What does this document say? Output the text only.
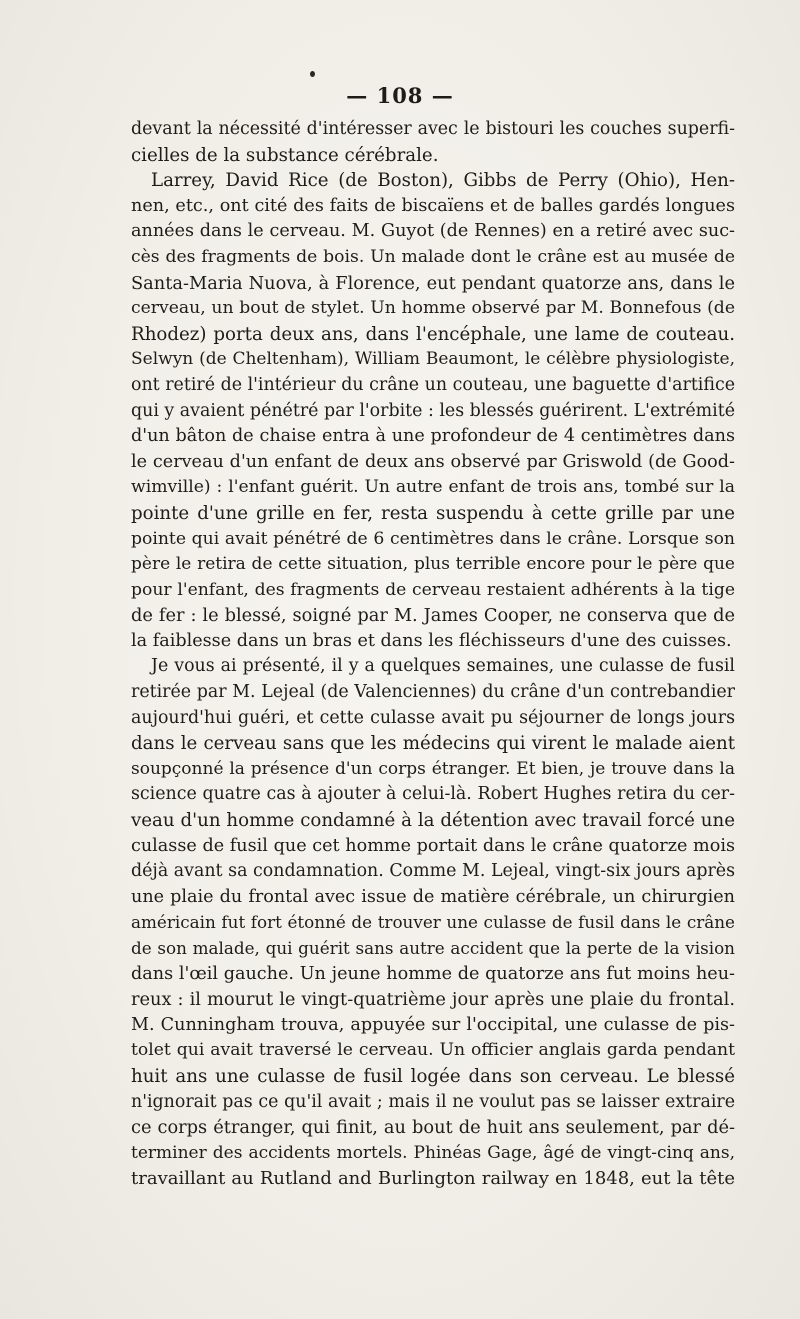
— 108 —
devant la nécessité d'intéresser avec le bistouri les couches superfi-
cielles de la substance cérébrale.
Larrey, David Rice (de Boston), Gibbs de Perry (Ohio), Hen-
nen, etc., ont cité des faits de biscaïens et de balles gardés longues
années dans le cerveau. M. Guyot (de Rennes) en a retiré avec suc-
cès des fragments de bois. Un malade dont le crâne est au musée de
Santa-Maria Nuova, à Florence, eut pendant quatorze ans, dans le
cerveau, un bout de stylet. Un homme observé par M. Bonnefous (de
Rhodez) porta deux ans, dans l'encéphale, une lame de couteau.
Selwyn (de Cheltenham), William Beaumont, le célèbre physiologiste,
ont retiré de l'intérieur du crâne un couteau, une baguette d'artifice
qui y avaient pénétré par l'orbite : les blessés guérirent. L'extrémité
d'un bâton de chaise entra à une profondeur de 4 centimètres dans
le cerveau d'un enfant de deux ans observé par Griswold (de Good-
wimville) : l'enfant guérit. Un autre enfant de trois ans, tombé sur la
pointe d'une grille en fer, resta suspendu à cette grille par une
pointe qui avait pénétré de 6 centimètres dans le crâne. Lorsque son
père le retira de cette situation, plus terrible encore pour le père que
pour l'enfant, des fragments de cerveau restaient adhérents à la tige
de fer : le blessé, soigné par M. James Cooper, ne conserva que de
la faiblesse dans un bras et dans les fléchisseurs d'une des cuisses.
Je vous ai présenté, il y a quelques semaines, une culasse de fusil
retirée par M. Lejeal (de Valenciennes) du crâne d'un contrebandier
aujourd'hui guéri, et cette culasse avait pu séjourner de longs jours
dans le cerveau sans que les médecins qui virent le malade aient
soupçonné la présence d'un corps étranger. Et bien, je trouve dans la
science quatre cas à ajouter à celui-là. Robert Hughes retira du cer-
veau d'un homme condamné à la détention avec travail forcé une
culasse de fusil que cet homme portait dans le crâne quatorze mois
déjà avant sa condamnation. Comme M. Lejeal, vingt-six jours après
une plaie du frontal avec issue de matière cérébrale, un chirurgien
américain fut fort étonné de trouver une culasse de fusil dans le crâne
de son malade, qui guérit sans autre accident que la perte de la vision
dans l'œil gauche. Un jeune homme de quatorze ans fut moins heu-
reux : il mourut le vingt-quatrième jour après une plaie du frontal.
M. Cunningham trouva, appuyée sur l'occipital, une culasse de pis-
tolet qui avait traversé le cerveau. Un officier anglais garda pendant
huit ans une culasse de fusil logée dans son cerveau. Le blessé
n'ignorait pas ce qu'il avait ; mais il ne voulut pas se laisser extraire
ce corps étranger, qui finit, au bout de huit ans seulement, par dé-
terminer des accidents mortels. Phinéas Gage, âgé de vingt-cinq ans,
travaillant au Rutland and Burlington railway en 1848, eut la tête
